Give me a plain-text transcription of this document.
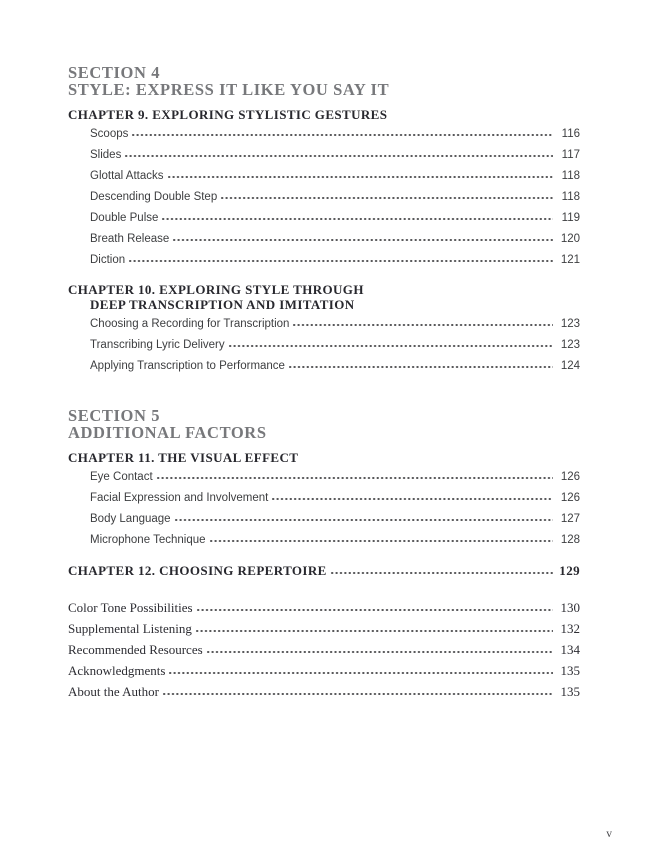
SECTION 4
STYLE: EXPRESS IT LIKE YOU SAY IT
CHAPTER 9. EXPLORING STYLISTIC GESTURES
Scoops	116
Slides	117
Glottal Attacks	118
Descending Double Step	118
Double Pulse	119
Breath Release	120
Diction	121
CHAPTER 10. EXPLORING STYLE THROUGH
DEEP TRANSCRIPTION AND IMITATION
Choosing a Recording for Transcription	123
Transcribing Lyric Delivery	123
Applying Transcription to Performance	124
SECTION 5
ADDITIONAL FACTORS
CHAPTER 11. THE VISUAL EFFECT
Eye Contact	126
Facial Expression and Involvement	126
Body Language	127
Microphone Technique	128
CHAPTER 12. CHOOSING REPERTOIRE	129
Color Tone Possibilities	130
Supplemental Listening	132
Recommended Resources	134
Acknowledgments	135
About the Author	135
v
